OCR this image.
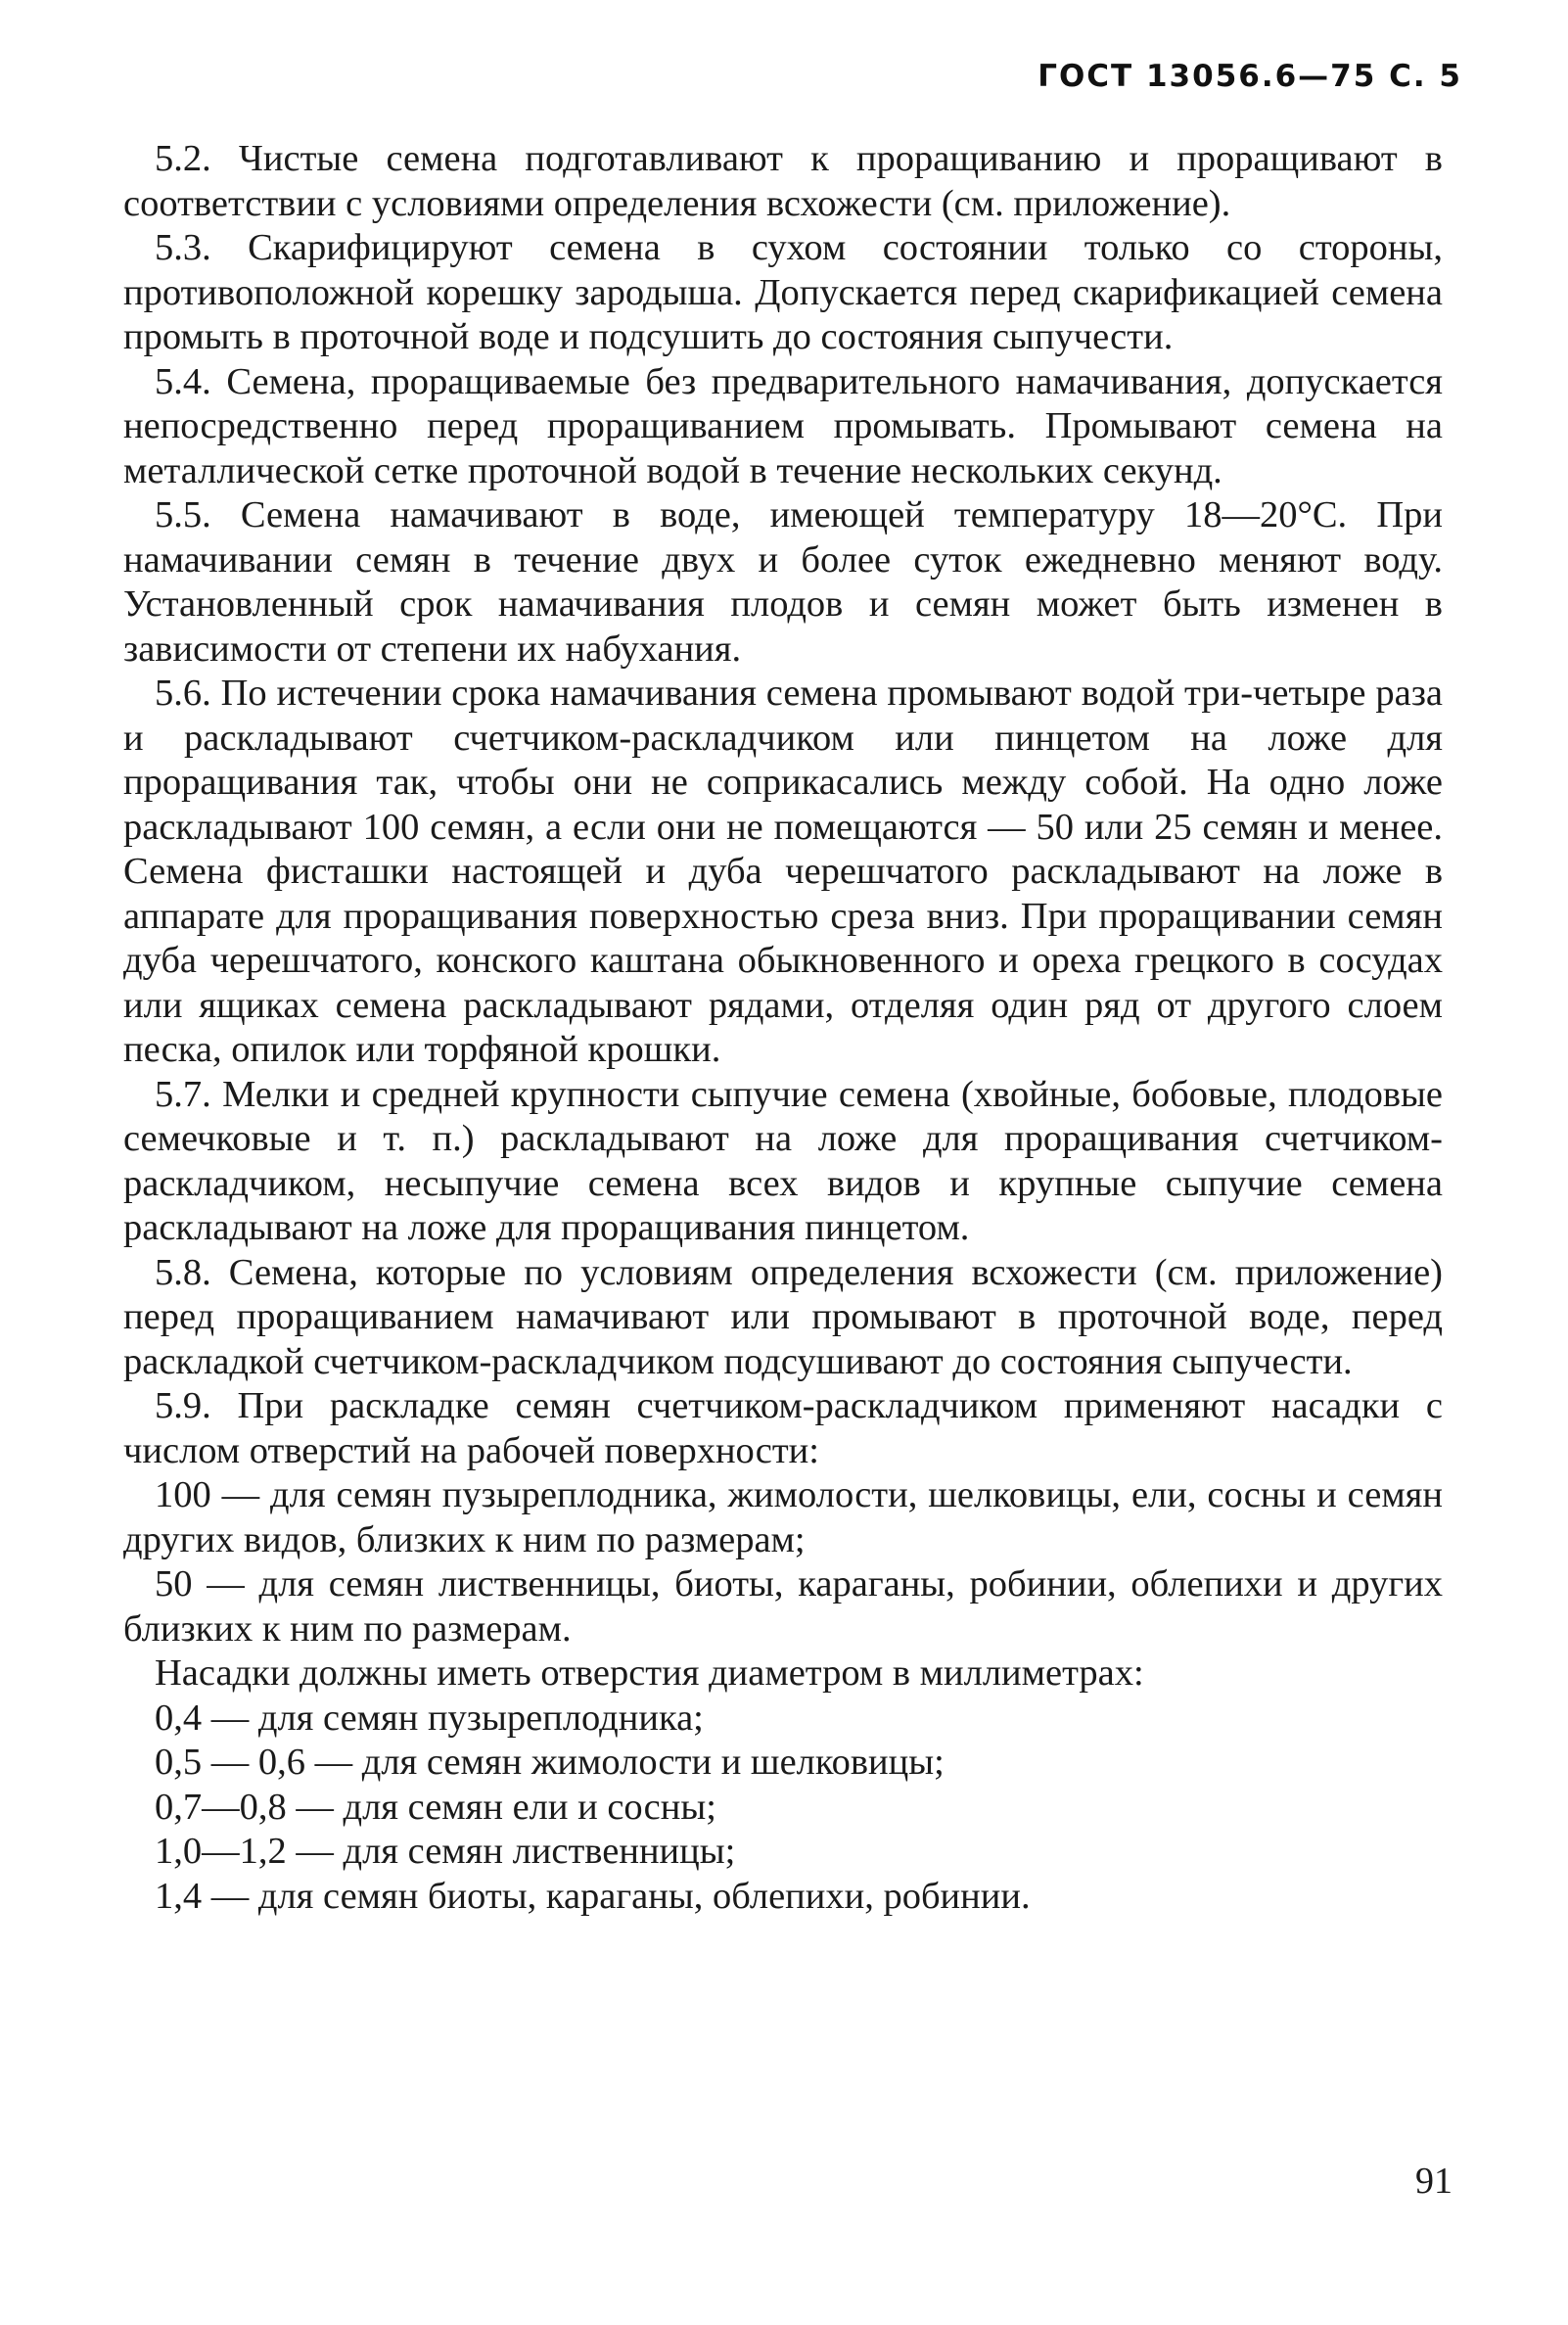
ГОСТ 13056.6—75 С. 5

5.2. Чистые семена подготавливают к проращиванию и проращивают в соответствии с условиями определения всхожести (см. приложение).

5.3. Скарифицируют семена в сухом состоянии только со стороны, противоположной корешку зародыша. Допускается перед скарификацией семена промыть в проточной воде и подсушить до состояния сыпучести.

5.4. Семена, проращиваемые без предварительного намачивания, допускается непосредственно перед проращиванием промывать. Промывают семена на металлической сетке проточной водой в течение нескольких секунд.

5.5. Семена намачивают в воде, имеющей температуру 18—20°С. При намачивании семян в течение двух и более суток ежедневно меняют воду. Установленный срок намачивания плодов и семян может быть изменен в зависимости от степени их набухания.

5.6. По истечении срока намачивания семена промывают водой три-четыре раза и раскладывают счетчиком-раскладчиком или пинцетом на ложе для проращивания так, чтобы они не соприкасались между собой. На одно ложе раскладывают 100 семян, а если они не помещаются — 50 или 25 семян и менее. Семена фисташки настоящей и дуба черешчатого раскладывают на ложе в аппарате для проращивания поверхностью среза вниз. При проращивании семян дуба черешчатого, конского каштана обыкновенного и ореха грецкого в сосудах или ящиках семена раскладывают рядами, отделяя один ряд от другого слоем песка, опилок или торфяной крошки.

5.7. Мелки и средней крупности сыпучие семена (хвойные, бобовые, плодовые семечковые и т. п.) раскладывают на ложе для проращивания счетчиком-раскладчиком, несыпучие семена всех видов и крупные сыпучие семена раскладывают на ложе для проращивания пинцетом.

5.8. Семена, которые по условиям определения всхожести (см. приложение) перед проращиванием намачивают или промывают в проточной воде, перед раскладкой счетчиком-раскладчиком подсушивают до состояния сыпучести.

5.9. При раскладке семян счетчиком-раскладчиком применяют насадки с числом отверстий на рабочей поверхности:

100 — для семян пузыреплодника, жимолости, шелковицы, ели, сосны и семян других видов, близких к ним по размерам;

50 — для семян лиственницы, биоты, караганы, робинии, облепихи и других близких к ним по размерам.

Насадки должны иметь отверстия диаметром в миллиметрах:

0,4 — для семян пузыреплодника;

0,5 — 0,6 — для семян жимолости и шелковицы;

0,7—0,8 — для семян ели и сосны;

1,0—1,2 — для семян лиственницы;

1,4 — для семян биоты, караганы, облепихи, робинии.

91
